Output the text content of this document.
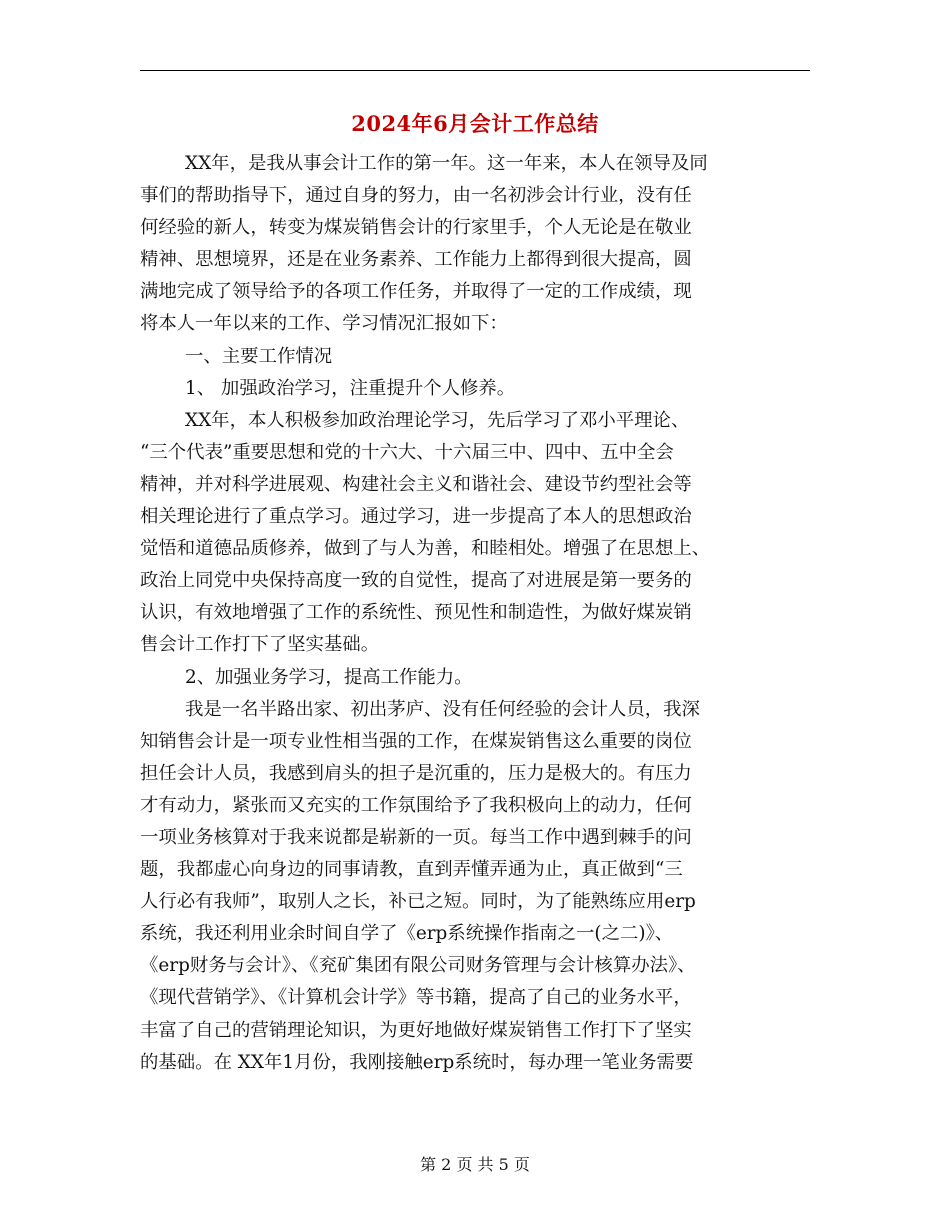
2024年6月会计工作总结
XX年，是我从事会计工作的第一年。这一年来，本人在领导及同
事们的帮助指导下，通过自身的努力，由一名初涉会计行业，没有任
何经验的新人，转变为煤炭销售会计的行家里手，个人无论是在敬业
精神、思想境界，还是在业务素养、工作能力上都得到很大提高，圆
满地完成了领导给予的各项工作任务，并取得了一定的工作成绩，现
将本人一年以来的工作、学习情况汇报如下：
一、主要工作情况
1、 加强政治学习，注重提升个人修养。
XX年，本人积极参加政治理论学习，先后学习了邓小平理论、
“三个代表”重要思想和党的十六大、十六届三中、四中、五中全会
精神，并对科学进展观、构建社会主义和谐社会、建设节约型社会等
相关理论进行了重点学习。通过学习，进一步提高了本人的思想政治
觉悟和道德品质修养，做到了与人为善，和睦相处。增强了在思想上、
政治上同党中央保持高度一致的自觉性，提高了对进展是第一要务的
认识，有效地增强了工作的系统性、预见性和制造性，为做好煤炭销
售会计工作打下了坚实基础。
2、加强业务学习，提高工作能力。
我是一名半路出家、初出茅庐、没有任何经验的会计人员，我深
知销售会计是一项专业性相当强的工作，在煤炭销售这么重要的岗位
担任会计人员，我感到肩头的担子是沉重的，压力是极大的。有压力
才有动力，紧张而又充实的工作氛围给予了我积极向上的动力，任何
一项业务核算对于我来说都是崭新的一页。每当工作中遇到棘手的问
题，我都虚心向身边的同事请教，直到弄懂弄通为止，真正做到“三
人行必有我师”，取别人之长，补已之短。同时，为了能熟练应用erp
系统，我还利用业余时间自学了《erp系统操作指南之一(之二)》、
《erp财务与会计》、《兖矿集团有限公司财务管理与会计核算办法》、
《现代营销学》、《计算机会计学》等书籍，提高了自己的业务水平，
丰富了自己的营销理论知识，为更好地做好煤炭销售工作打下了坚实
的基础。在 XX年1月份，我刚接触erp系统时，每办理一笔业务需要
第 2 页 共 5 页
